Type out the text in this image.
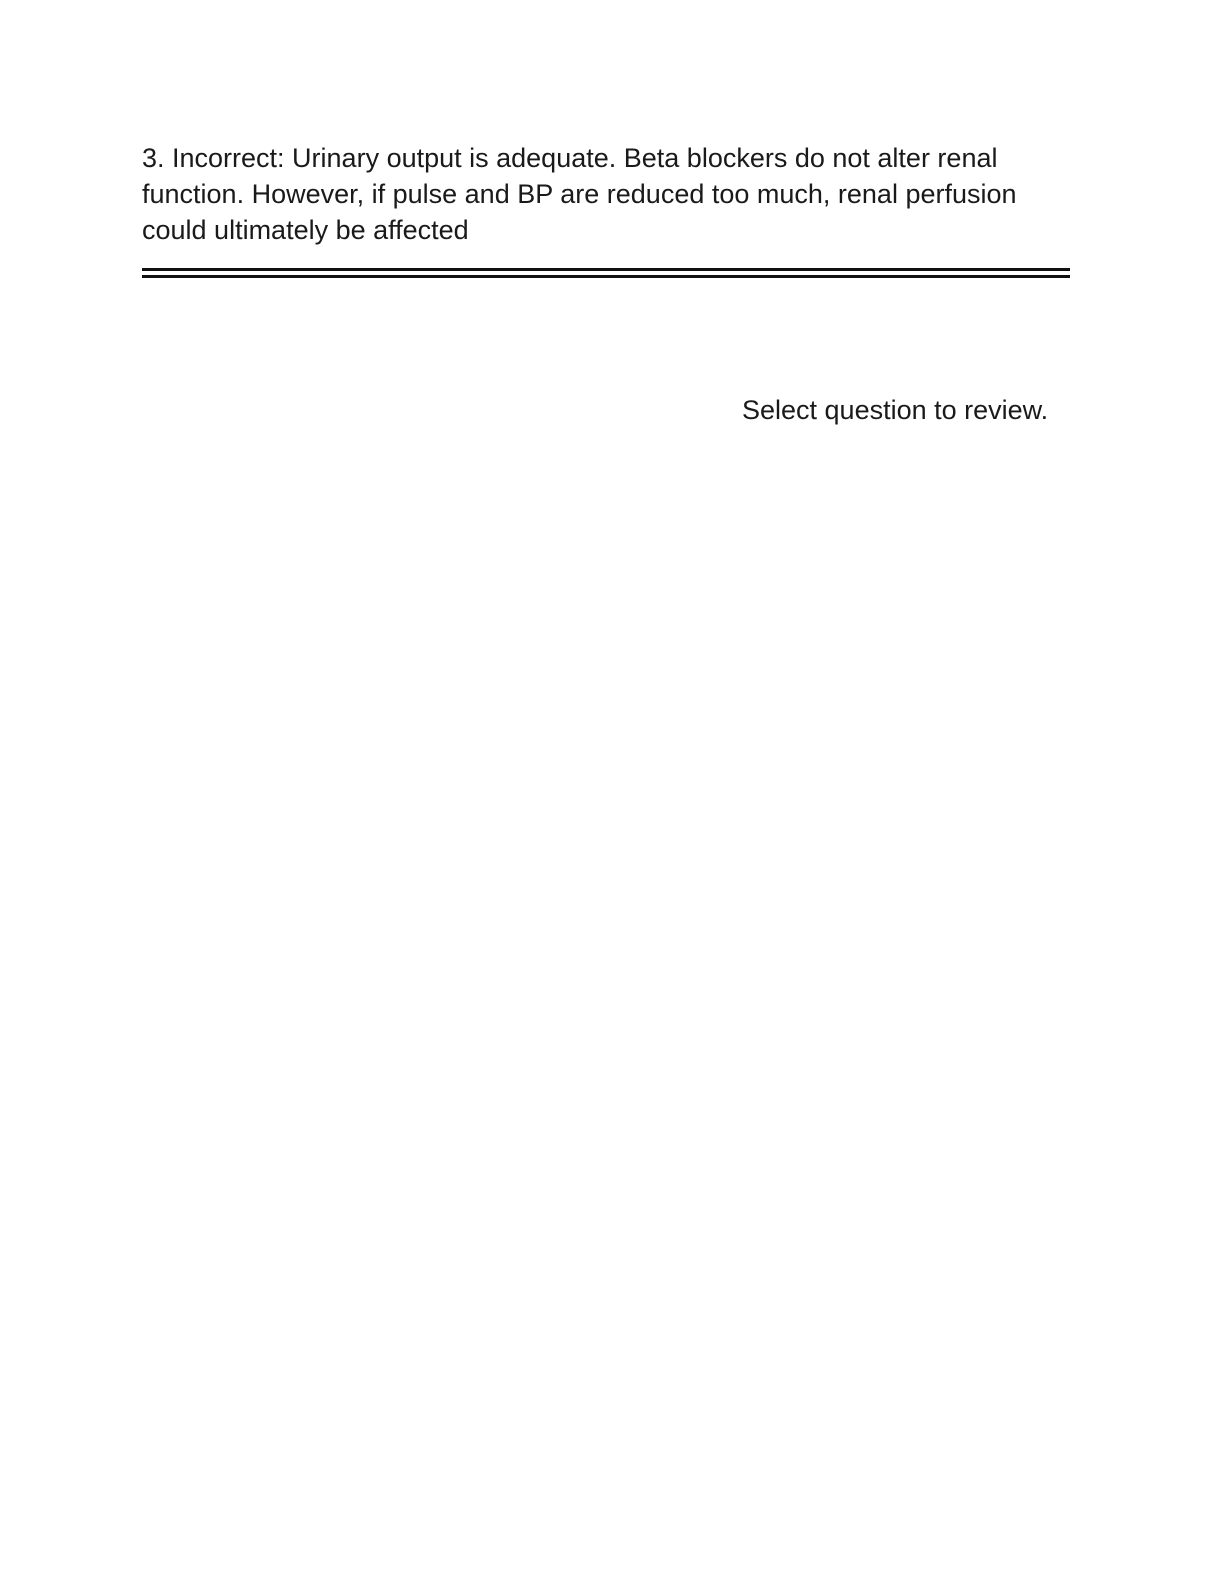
3. Incorrect: Urinary output is adequate. Beta blockers do not alter renal
function. However, if pulse and BP are reduced too much, renal perfusion
could ultimately be affected

Select question to review.
